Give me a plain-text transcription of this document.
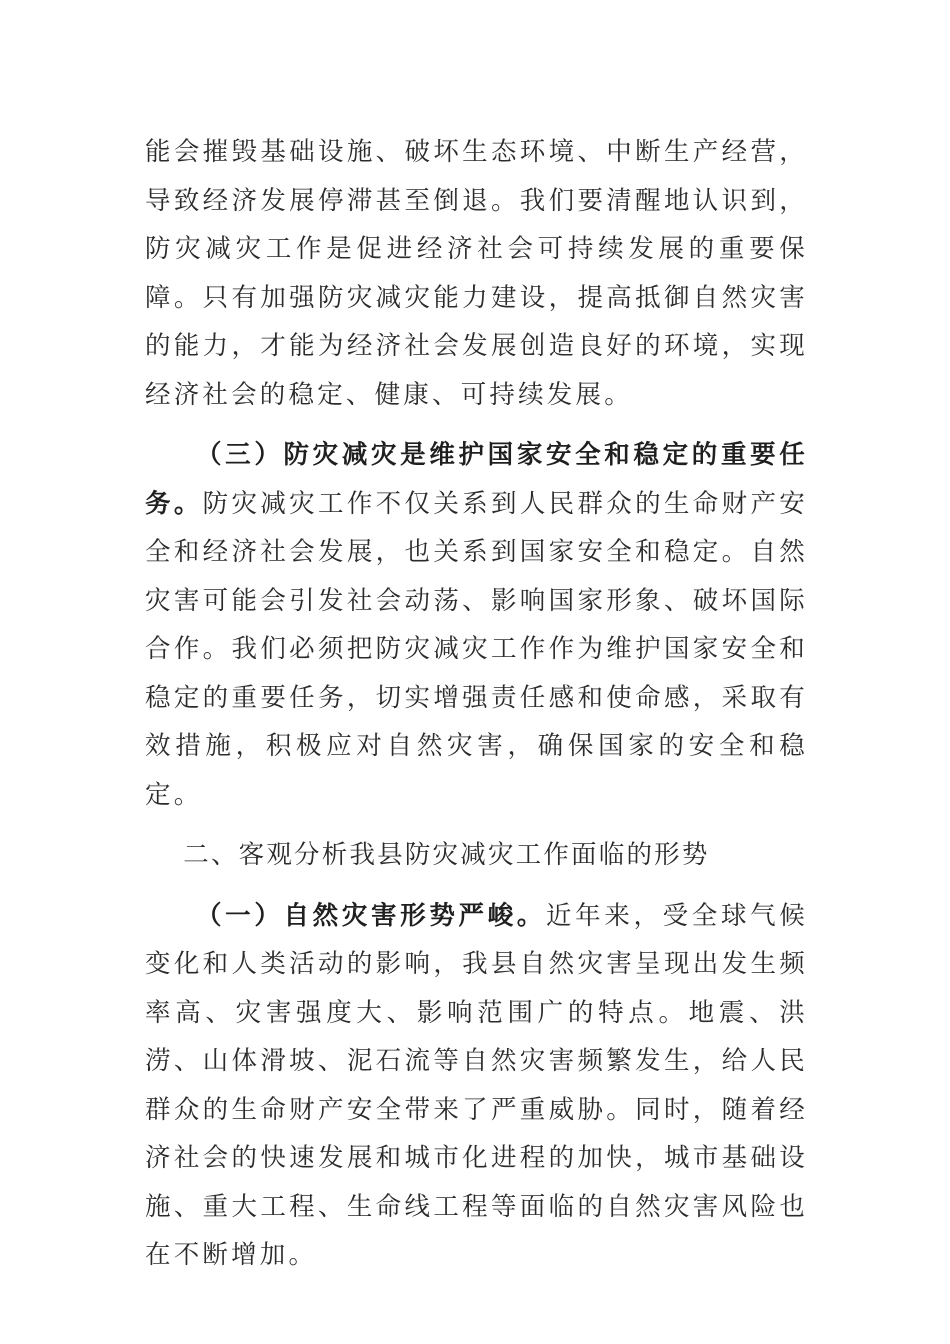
能会摧毁基础设施、破坏生态环境、中断生产经营，导致经济发展停滞甚至倒退。我们要清醒地认识到，防灾减灾工作是促进经济社会可持续发展的重要保障。只有加强防灾减灾能力建设，提高抵御自然灾害的能力，才能为经济社会发展创造良好的环境，实现经济社会的稳定、健康、可持续发展。

（三）防灾减灾是维护国家安全和稳定的重要任务。防灾减灾工作不仅关系到人民群众的生命财产安全和经济社会发展，也关系到国家安全和稳定。自然灾害可能会引发社会动荡、影响国家形象、破坏国际合作。我们必须把防灾减灾工作作为维护国家安全和稳定的重要任务，切实增强责任感和使命感，采取有效措施，积极应对自然灾害，确保国家的安全和稳定。

二、客观分析我县防灾减灾工作面临的形势

（一）自然灾害形势严峻。近年来，受全球气候变化和人类活动的影响，我县自然灾害呈现出发生频率高、灾害强度大、影响范围广的特点。地震、洪涝、山体滑坡、泥石流等自然灾害频繁发生，给人民群众的生命财产安全带来了严重威胁。同时，随着经济社会的快速发展和城市化进程的加快，城市基础设施、重大工程、生命线工程等面临的自然灾害风险也在不断增加。
